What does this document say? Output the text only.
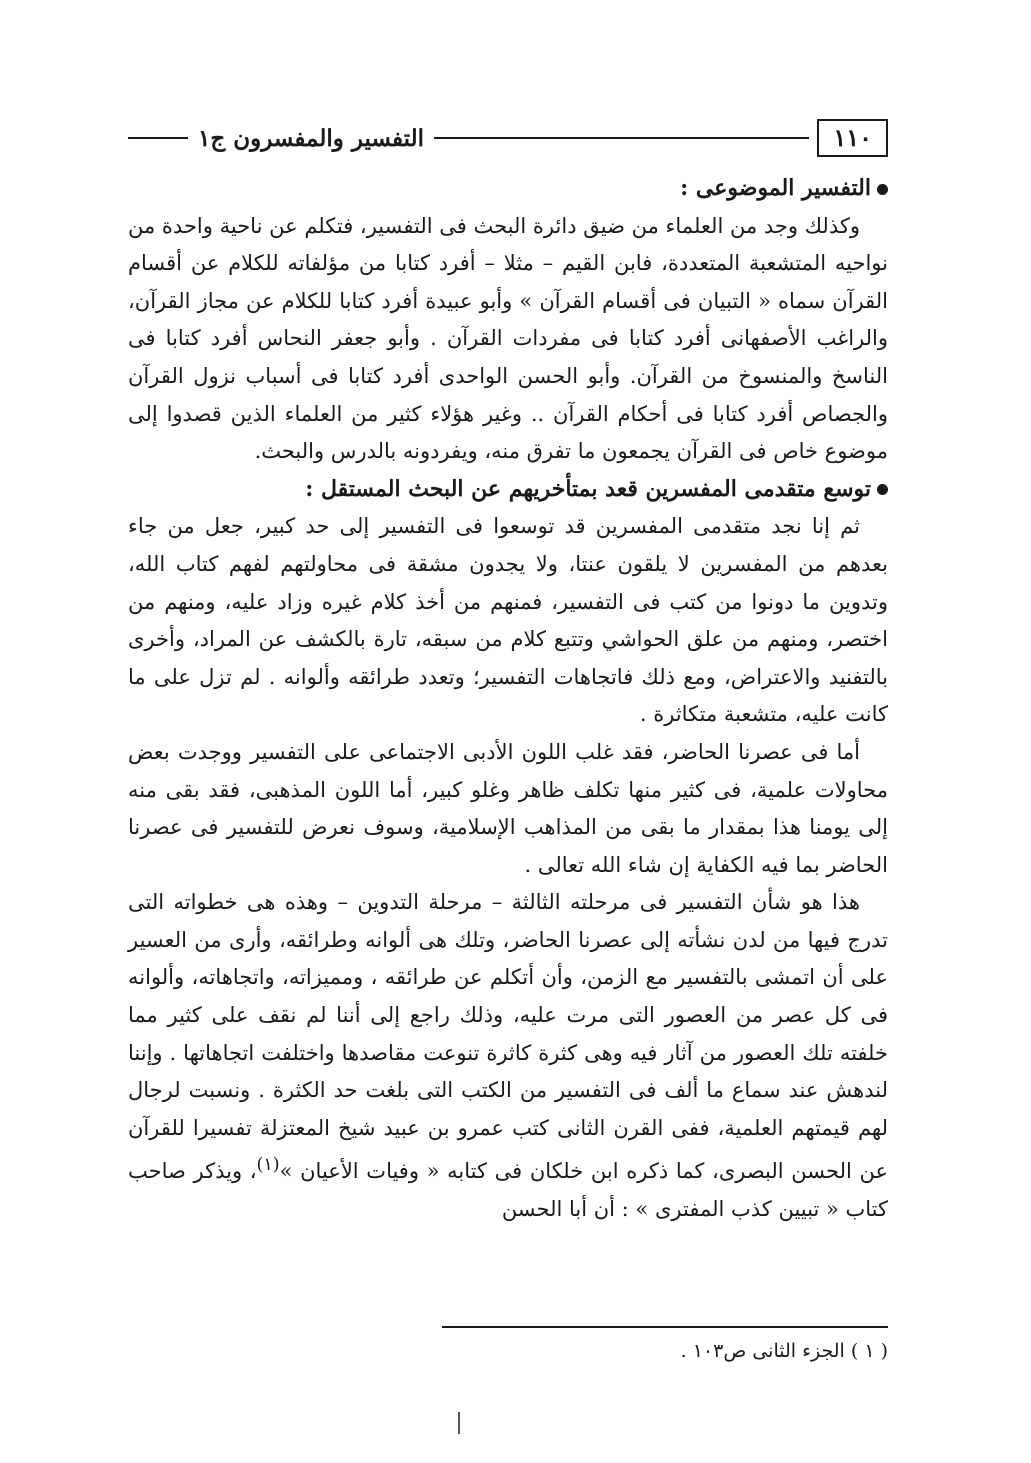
١١٠
التفسير والمفسرون ج١

التفسير الموضوعى :

وكذلك وجد من العلماء من ضيق دائرة البحث فى التفسير، فتكلم عن ناحية واحدة من نواحيه المتشعبة المتعددة، فابن القيم – مثلا – أفرد كتابا من مؤلفاته للكلام عن أقسام القرآن سماه « التبيان فى أقسام القرآن » وأبو عبيدة أفرد كتابا للكلام عن مجاز القرآن، والراغب الأصفهانى أفرد كتابا فى مفردات القرآن . وأبو جعفر النحاس أفرد كتابا فى الناسخ والمنسوخ من القرآن. وأبو الحسن الواحدى أفرد كتابا فى أسباب نزول القرآن والجصاص أفرد كتابا فى أحكام القرآن .. وغير هؤلاء كثير من العلماء الذين قصدوا إلى موضوع خاص فى القرآن يجمعون ما تفرق منه، ويفردونه بالدرس والبحث.

توسع متقدمى المفسرين قعد بمتأخريهم عن البحث المستقل :

ثم إنا نجد متقدمى المفسرين قد توسعوا فى التفسير إلى حد كبير، جعل من جاء بعدهم من المفسرين لا يلقون عنتا، ولا يجدون مشقة فى محاولتهم لفهم كتاب الله، وتدوين ما دونوا من كتب فى التفسير، فمنهم من أخذ كلام غيره وزاد عليه، ومنهم من اختصر، ومنهم من علق الحواشي وتتبع كلام من سبقه، تارة بالكشف عن المراد، وأخرى بالتفنيد والاعتراض، ومع ذلك فاتجاهات التفسير؛ وتعدد طرائقه وألوانه . لم تزل على ما كانت عليه، متشعبة متكاثرة .

أما فى عصرنا الحاضر، فقد غلب اللون الأدبى الاجتماعى على التفسير ووجدت بعض محاولات علمية، فى كثير منها تكلف ظاهر وغلو كبير، أما اللون المذهبى، فقد بقى منه إلى يومنا هذا بمقدار ما بقى من المذاهب الإسلامية، وسوف نعرض للتفسير فى عصرنا الحاضر بما فيه الكفاية إن شاء الله تعالى .

هذا هو شأن التفسير فى مرحلته الثالثة – مرحلة التدوين – وهذه هى خطواته التى تدرج فيها من لدن نشأته إلى عصرنا الحاضر، وتلك هى ألوانه وطرائقه، وأرى من العسير على أن اتمشى بالتفسير مع الزمن، وأن أتكلم عن طرائقه ، ومميزاته، واتجاهاته، وألوانه فى كل عصر من العصور التى مرت عليه، وذلك راجع إلى أننا لم نقف على كثير مما خلفته تلك العصور من آثار فيه وهى كثرة كاثرة تنوعت مقاصدها واختلفت اتجاهاتها . وإننا لندهش عند سماع ما ألف فى التفسير من الكتب التى بلغت حد الكثرة . ونسبت لرجال لهم قيمتهم العلمية، ففى القرن الثانى كتب عمرو بن عبيد شيخ المعتزلة تفسيرا للقرآن عن الحسن البصرى، كما ذكره ابن خلكان فى كتابه « وفيات الأعيان »$^{(١)}$، ويذكر صاحب كتاب « تبيين كذب المفترى » : أن أبا الحسن

( ١ ) الجزء الثانى ص١٠٣ .
